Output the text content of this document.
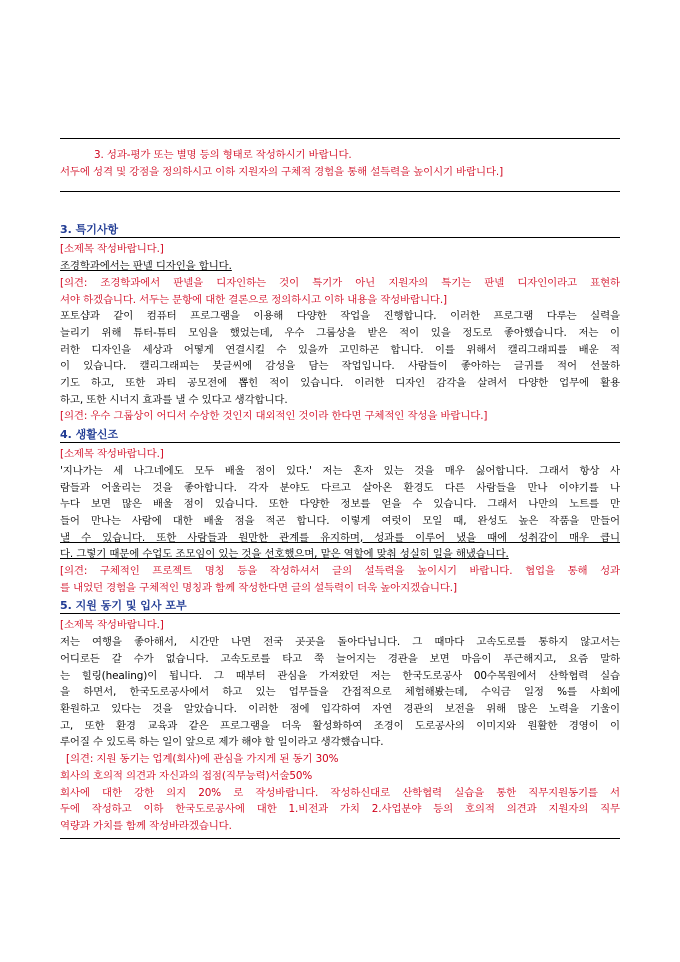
3. 성과-평가 또는 별명 등의 형태로 작성하시기 바랍니다.
서두에 성격 및 강점을 정의하시고 이하 지원자의 구체적 경험을 통해 설득력을 높이시기 바랍니다.]
3. 특기사항
[소제목 작성바랍니다.]
조경학과에서는 판넬 디자인을 합니다.
[의견: 조경학과에서 판넬을 디자인하는 것이 특기가 아닌 지원자의 특기는 판넬 디자인이라고 표현하
셔야 하겠습니다. 서두는 문항에 대한 결론으로 정의하시고 이하 내용을 작성바랍니다.]
포토샵과 같이 컴퓨터 프로그램을 이용해 다양한 작업을 진행합니다. 이러한 프로그램 다루는 실력을
늘리기 위해 튜터-튜티 모임을 했었는데, 우수 그룹상을 받은 적이 있을 정도로 좋아했습니다. 저는 이
러한 디자인을 세상과 어떻게 연결시킬 수 있을까 고민하곤 합니다. 이를 위해서 캘리그래피를 배운 적
이 있습니다. 캘리그래피는 붓글씨에 감성을 담는 작업입니다. 사람들이 좋아하는 글귀를 적어 선물하
기도 하고, 또한 과티 공모전에 뽑힌 적이 있습니다. 이러한 디자인 감각을 살려서 다양한 업무에 활용
하고, 또한 시너지 효과를 낼 수 있다고 생각합니다.
[의견: 우수 그룹상이 어디서 수상한 것인지 대외적인 것이라 한다면 구체적인 작성을 바랍니다.]
4. 생활신조
[소제목 작성바랍니다.]
'지나가는 세 나그네에도 모두 배울 점이 있다.' 저는 혼자 있는 것을 매우 싫어합니다. 그래서 항상 사
람들과 어울리는 것을 좋아합니다. 각자 분야도 다르고 살아온 환경도 다른 사람들을 만나 이야기를 나
누다 보면 많은 배울 점이 있습니다. 또한 다양한 정보를 얻을 수 있습니다. 그래서 나만의 노트를 만
들어 만나는 사람에 대한 배울 점을 적곤 합니다. 이렇게 여럿이 모일 때, 완성도 높은 작품을 만들어
낼 수 있습니다. 또한 사람들과 원만한 관계를 유지하며, 성과를 이루어 냈을 때에 성취감이 매우 큽니
다. 그렇기 때문에 수업도 조모임이 있는 것을 선호했으며, 맡은 역할에 맞춰 성실히 일을 해냈습니다.
[의견: 구체적인 프로젝트 명칭 등을 작성하셔서 글의 설득력을 높이시기 바랍니다. 협업을 통해 성과
를 내었던 경험을 구체적인 명칭과 함께 작성한다면 글의 설득력이 더욱 높아지겠습니다.]
5. 지원 동기 및 입사 포부
[소제목 작성바랍니다.]
저는 여행을 좋아해서, 시간만 나면 전국 곳곳을 돌아다닙니다. 그 때마다 고속도로를 통하지 않고서는
어디로든 갈 수가 없습니다. 고속도로를 타고 쭉 늘어지는 경관을 보면 마음이 푸근해지고, 요즘 말하
는 힐링(healing)이 됩니다. 그 때부터 관심을 가져왔던 저는 한국도로공사 00수목원에서 산학협력 실습
을 하면서, 한국도로공사에서 하고 있는 업무들을 간접적으로 체험해봤는데, 수익금 일정 %를 사회에
환원하고 있다는 것을 알았습니다. 이러한 점에 입각하여 자연 경관의 보전을 위해 많은 노력을 기울이
고, 또한 환경 교육과 같은 프로그램을 더욱 활성화하여 조경이 도로공사의 이미지와 원활한 경영이 이
루어질 수 있도록 하는 일이 앞으로 제가 해야 할 일이라고 생각했습니다.
[의견: 지원 동기는 업계(회사)에 관심을 가지게 된 동기 30%
회사의 호의적 의견과 자신과의 접점(직무능력)서술50%
회사에 대한 강한 의지 20% 로 작성바랍니다. 작성하신대로 산학협력 실습을 통한 직무지원동기를 서
두에 작성하고 이하 한국도로공사에 대한 1.비전과 가치 2.사업분야 등의 호의적 의견과 지원자의 직무
역량과 가치를 함께 작성바라겠습니다.
